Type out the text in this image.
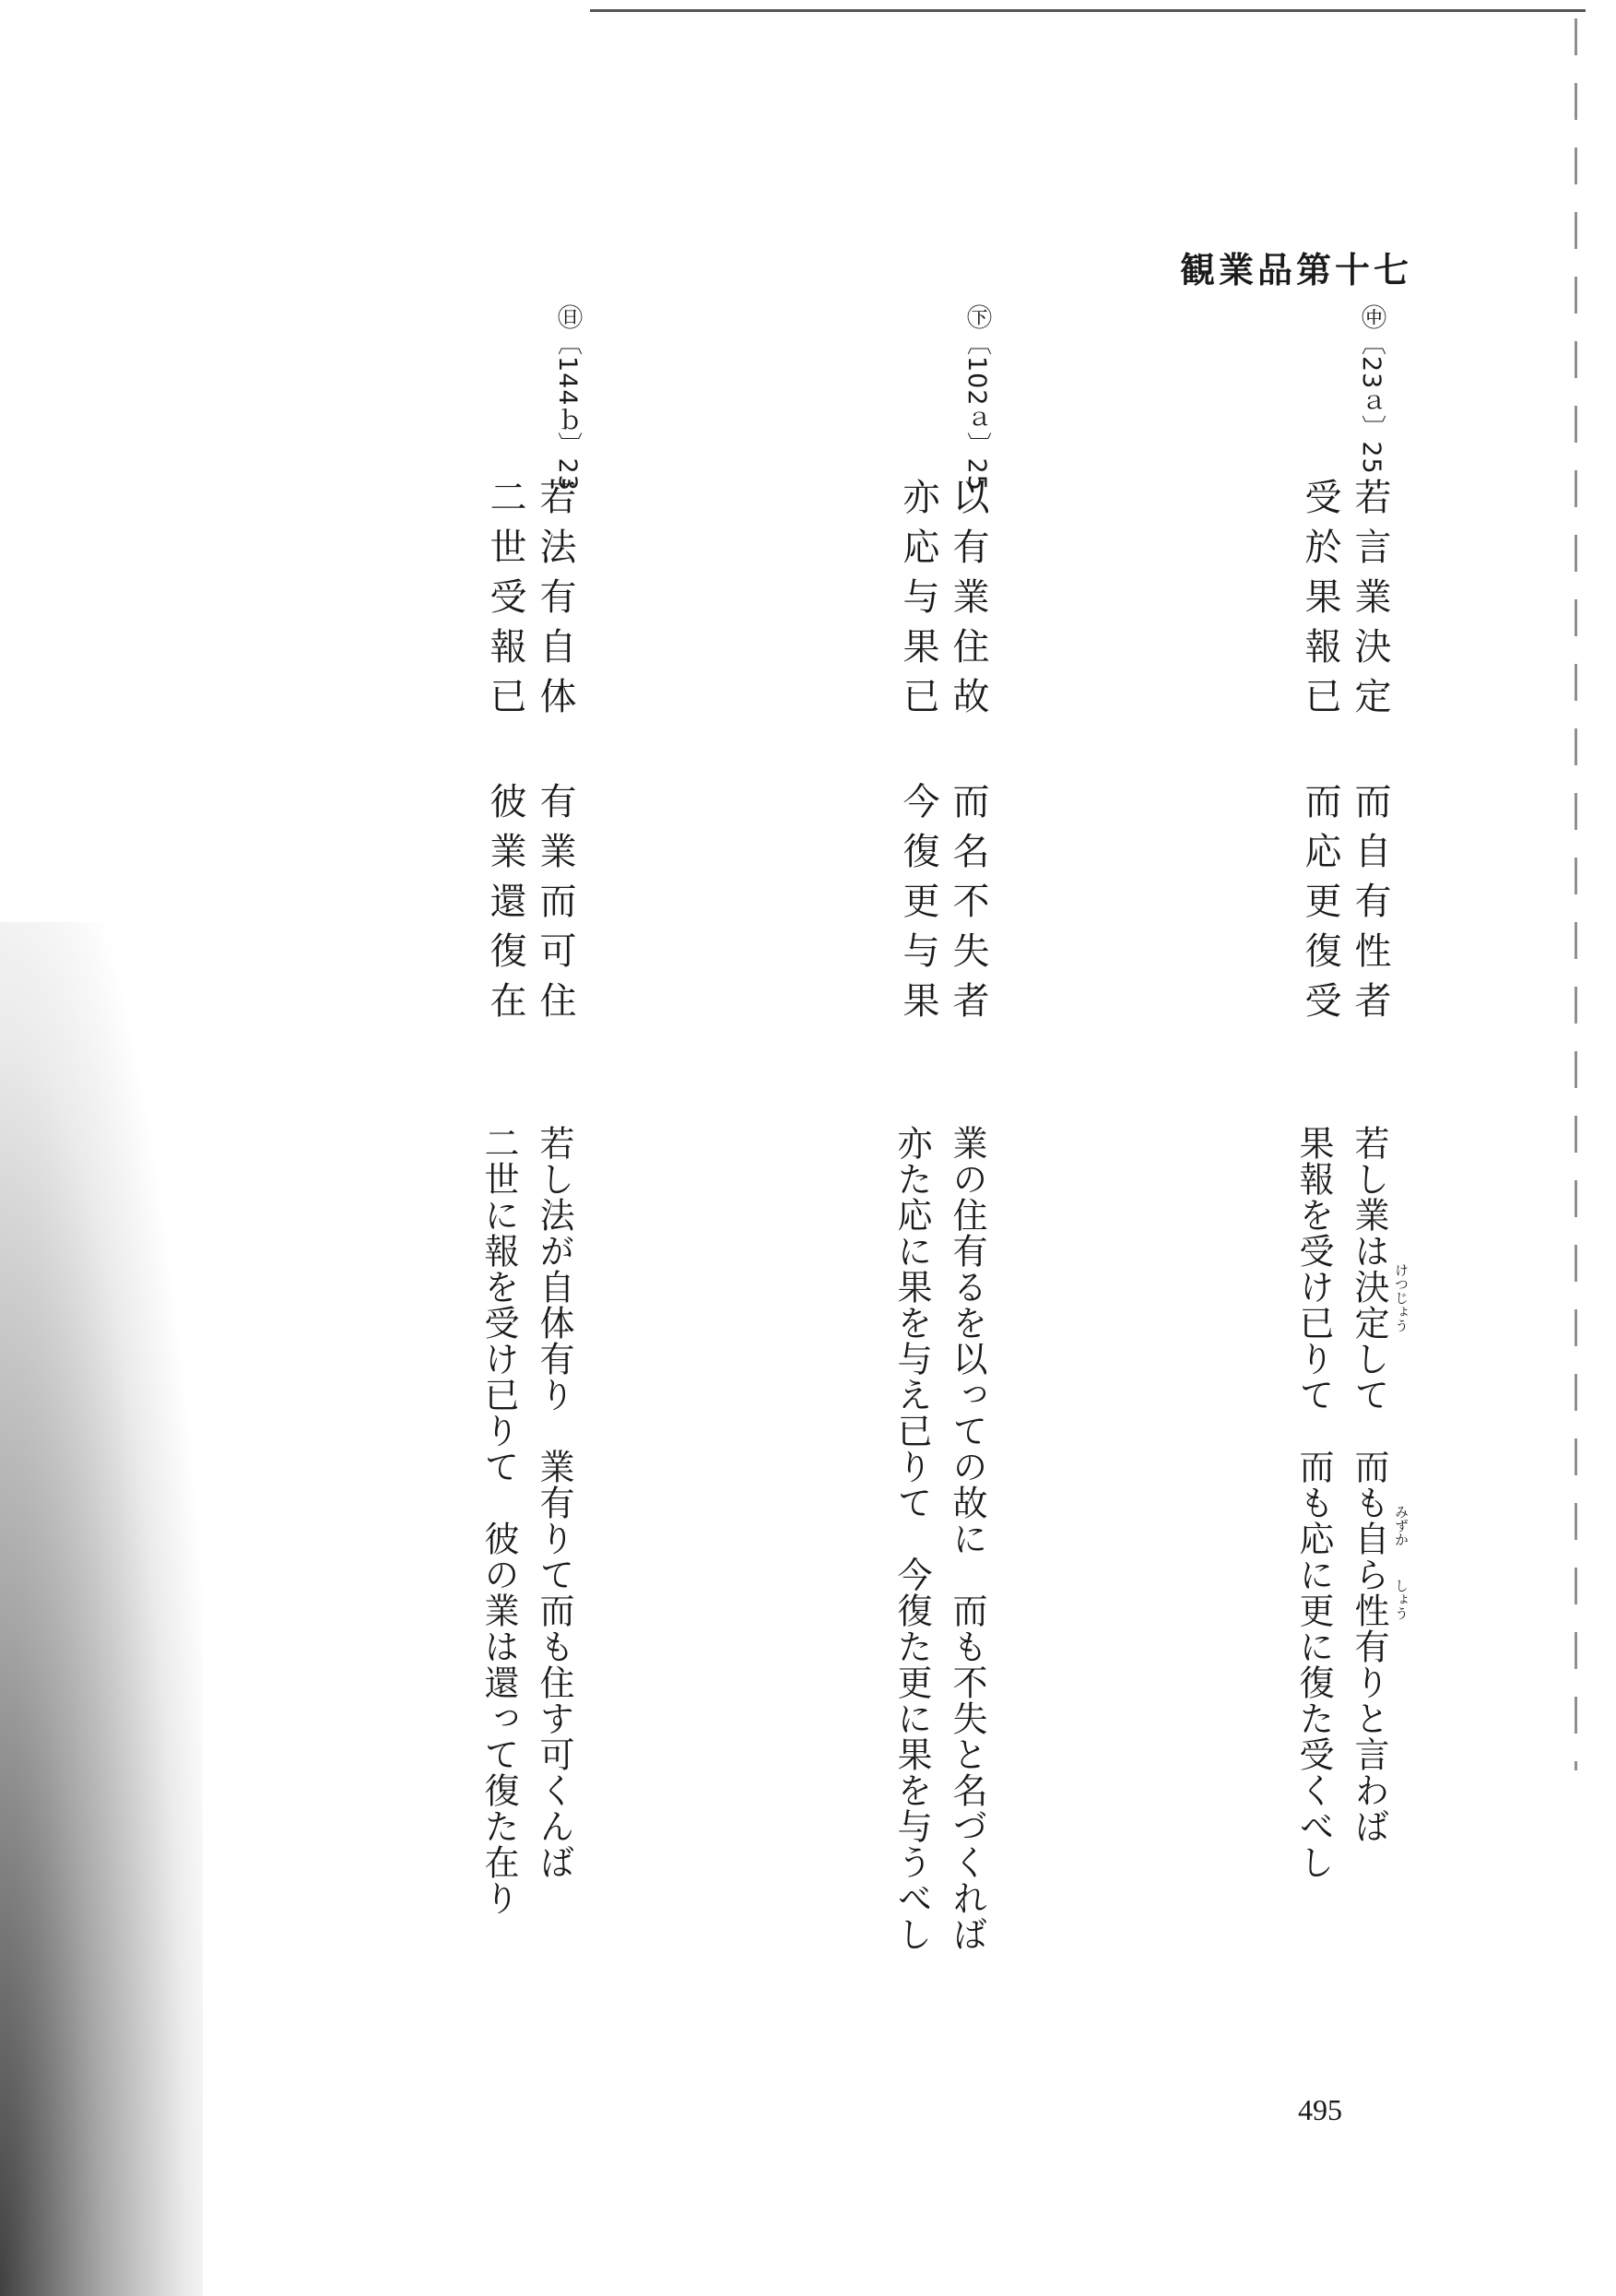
観業品第十七
㊥〔23ａ〕25
若言業決定
而自有性者
受於果報已
而応更復受
若し業は決定して　而も自ら性有りと言わば
果報を受け已りて　而も応に更に復た受くべし	けつじょう
みずか
しょう
㊦〔102ａ〕25
以有業住故
而名不失者
亦応与果已
今復更与果
業の住有るを以っての故に　而も不失と名づくれば
亦た応に果を与え已りて　今復た更に果を与うべし
㊐〔144ｂ〕23
若法有自体
有業而可住
二世受報已
彼業還復在
若し法が自体有り　業有りて而も住す可くんば
二世に報を受け已りて　彼の業は還って復た在り
495
